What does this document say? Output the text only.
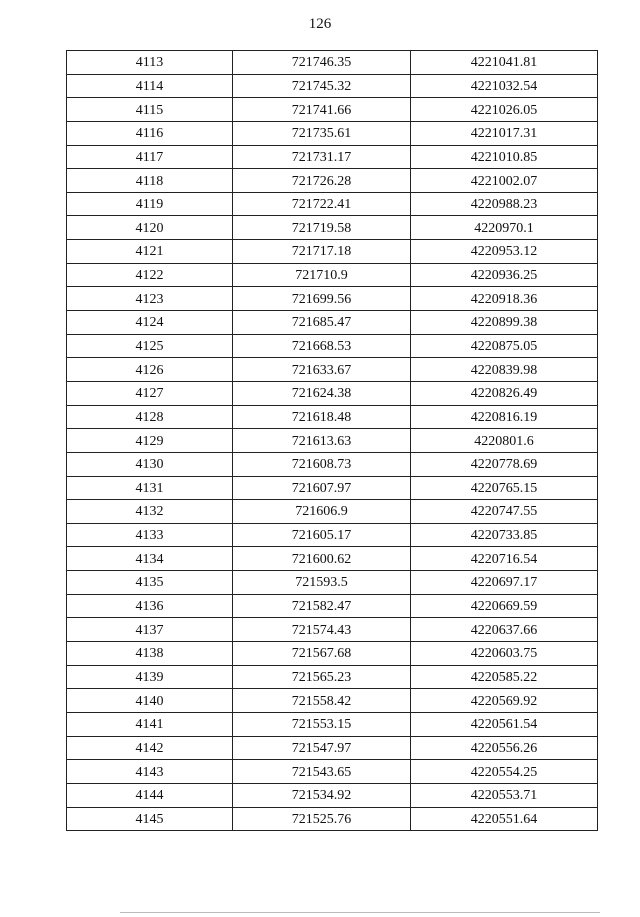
126
4113	721746.35	4221041.81
4114	721745.32	4221032.54
4115	721741.66	4221026.05
4116	721735.61	4221017.31
4117	721731.17	4221010.85
4118	721726.28	4221002.07
4119	721722.41	4220988.23
4120	721719.58	4220970.1
4121	721717.18	4220953.12
4122	721710.9	4220936.25
4123	721699.56	4220918.36
4124	721685.47	4220899.38
4125	721668.53	4220875.05
4126	721633.67	4220839.98
4127	721624.38	4220826.49
4128	721618.48	4220816.19
4129	721613.63	4220801.6
4130	721608.73	4220778.69
4131	721607.97	4220765.15
4132	721606.9	4220747.55
4133	721605.17	4220733.85
4134	721600.62	4220716.54
4135	721593.5	4220697.17
4136	721582.47	4220669.59
4137	721574.43	4220637.66
4138	721567.68	4220603.75
4139	721565.23	4220585.22
4140	721558.42	4220569.92
4141	721553.15	4220561.54
4142	721547.97	4220556.26
4143	721543.65	4220554.25
4144	721534.92	4220553.71
4145	721525.76	4220551.64
